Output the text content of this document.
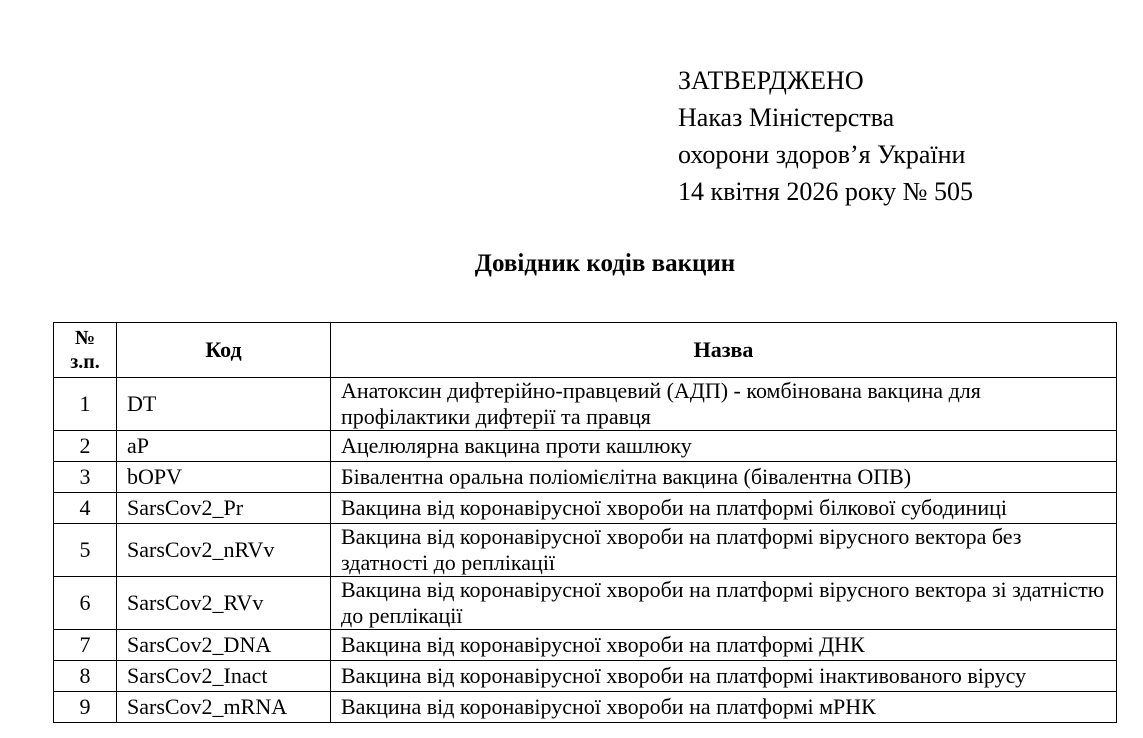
ЗАТВЕРДЖЕНО
Наказ Міністерства
охорони здоров’я України
14 квітня 2026 року № 505
Довідник кодів вакцин
№
з.п.	Код	Назва
1	DT	Анатоксин дифтерійно-правцевий (АДП) - комбінована вакцина для профілактики дифтерії та правця
2	aP	Ацелюлярна вакцина проти кашлюку
3	bOPV	Бівалентна оральна поліомієлітна вакцина (бівалентна ОПВ)
4	SarsCov2_Pr	Вакцина від коронавірусної хвороби на платформі білкової субодиниці
5	SarsCov2_nRVv	Вакцина від коронавірусної хвороби на платформі вірусного вектора без здатності до реплікації
6	SarsCov2_RVv	Вакцина від коронавірусної хвороби на платформі вірусного вектора зі здатністю до реплікації
7	SarsCov2_DNA	Вакцина від коронавірусної хвороби на платформі ДНК
8	SarsCov2_Inact	Вакцина від коронавірусної хвороби на платформі інактивованого вірусу
9	SarsCov2_mRNA	Вакцина від коронавірусної хвороби на платформі мРНК
